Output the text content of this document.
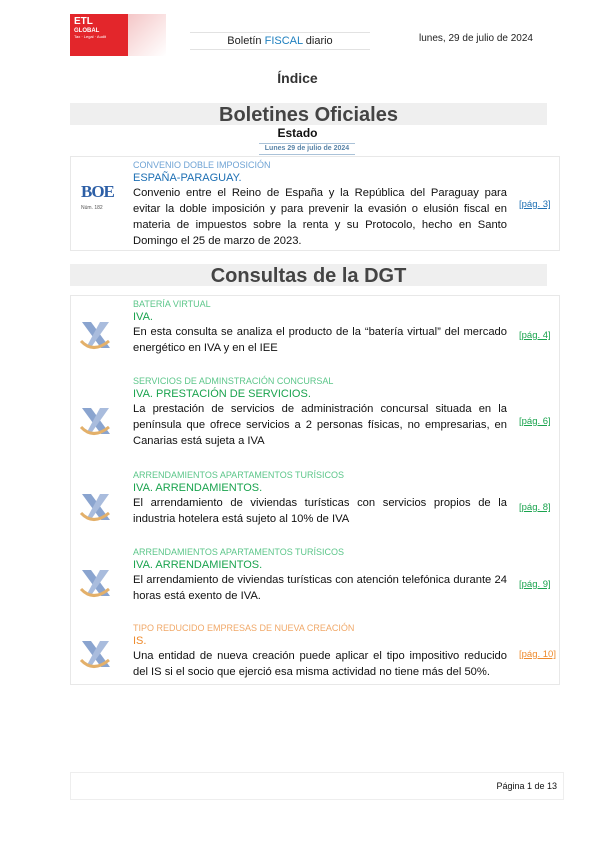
ETL
GLOBAL
Tax · Legal · Audit	Boletín FISCAL diario	lunes, 29 de julio de 2024
Índice
Boletines Oficiales
Estado
Lunes 29 de julio de 2024
BOE
Núm. 182
CONVENIO DOBLE IMPOSICIÓN
ESPAÑA-PARAGUAY.
Convenio entre el Reino de España y la República del Paraguay para evitar la doble imposición y para prevenir la evasión o elusión fiscal en materia de impuestos sobre la renta y su Protocolo, hecho en Santo Domingo el 25 de marzo de 2023.
[pág. 3]
Consultas de la DGT
BATERÍA VIRTUAL
IVA.
En esta consulta se analiza el producto de la “batería virtual” del mercado energético en IVA y en el IEE
[pág. 4]
SERVICIOS DE ADMINSTRACIÓN CONCURSAL
IVA. PRESTACIÓN DE SERVICIOS.
La prestación de servicios de administración concursal situada en la península que ofrece servicios a 2 personas físicas, no empresarias, en Canarias está sujeta a IVA
[pág. 6]
ARRENDAMIENTOS APARTAMENTOS TURÍSICOS
IVA. ARRENDAMIENTOS.
El arrendamiento de viviendas turísticas con servicios propios de la industria hotelera está sujeto al 10% de IVA
[pág. 8]
ARRENDAMIENTOS APARTAMENTOS TURÍSICOS
IVA. ARRENDAMIENTOS.
El arrendamiento de viviendas turísticas con atención telefónica durante 24 horas está exento de IVA.
[pág. 9]
TIPO REDUCIDO EMPRESAS DE NUEVA CREACIÓN
IS.
Una entidad de nueva creación puede aplicar el tipo impositivo reducido del IS si el socio que ejerció esa misma actividad no tiene más del 50%.
[pág. 10]
Página 1 de 13
